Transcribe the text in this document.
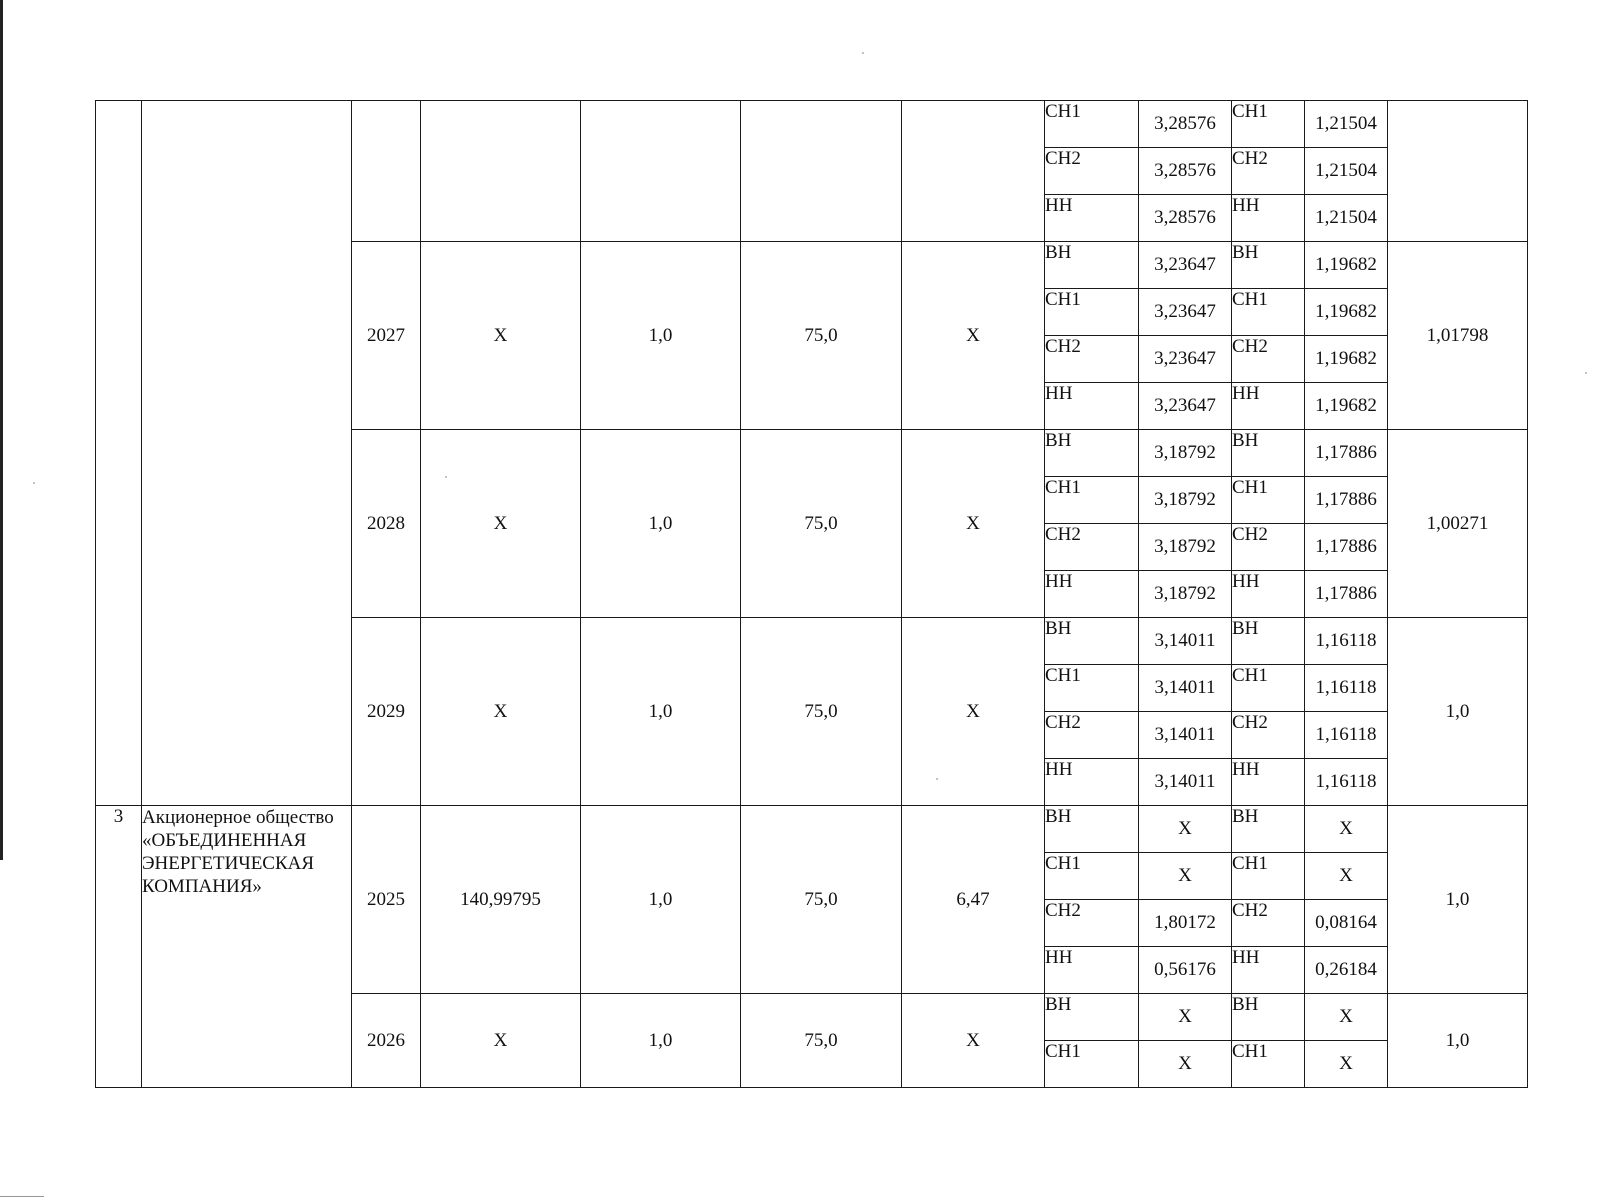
							СН1	3,28576	СН1	1,21504	
							СН2	3,28576	СН2	1,21504	
							НН	3,28576	НН	1,21504	
		2027	X	1,0	75,0	X	ВН	3,23647	ВН	1,19682	1,01798
							СН1	3,23647	СН1	1,19682	
							СН2	3,23647	СН2	1,19682	
							НН	3,23647	НН	1,19682	
		2028	X	1,0	75,0	X	ВН	3,18792	ВН	1,17886	1,00271
							СН1	3,18792	СН1	1,17886	
							СН2	3,18792	СН2	1,17886	
							НН	3,18792	НН	1,17886	
		2029	X	1,0	75,0	X	ВН	3,14011	ВН	1,16118	1,0
							СН1	3,14011	СН1	1,16118	
							СН2	3,14011	СН2	1,16118	
							НН	3,14011	НН	1,16118	
3	Акционерное общество «ОБЪЕДИНЕННАЯ ЭНЕРГЕТИЧЕСКАЯ КОМПАНИЯ»	2025	140,99795	1,0	75,0	6,47	ВН	X	ВН	X	1,0
							СН1	X	СН1	X	
							СН2	1,80172	СН2	0,08164	
							НН	0,56176	НН	0,26184	
		2026	X	1,0	75,0	X	ВН	X	ВН	X	1,0
							СН1	X	СН1	X	
